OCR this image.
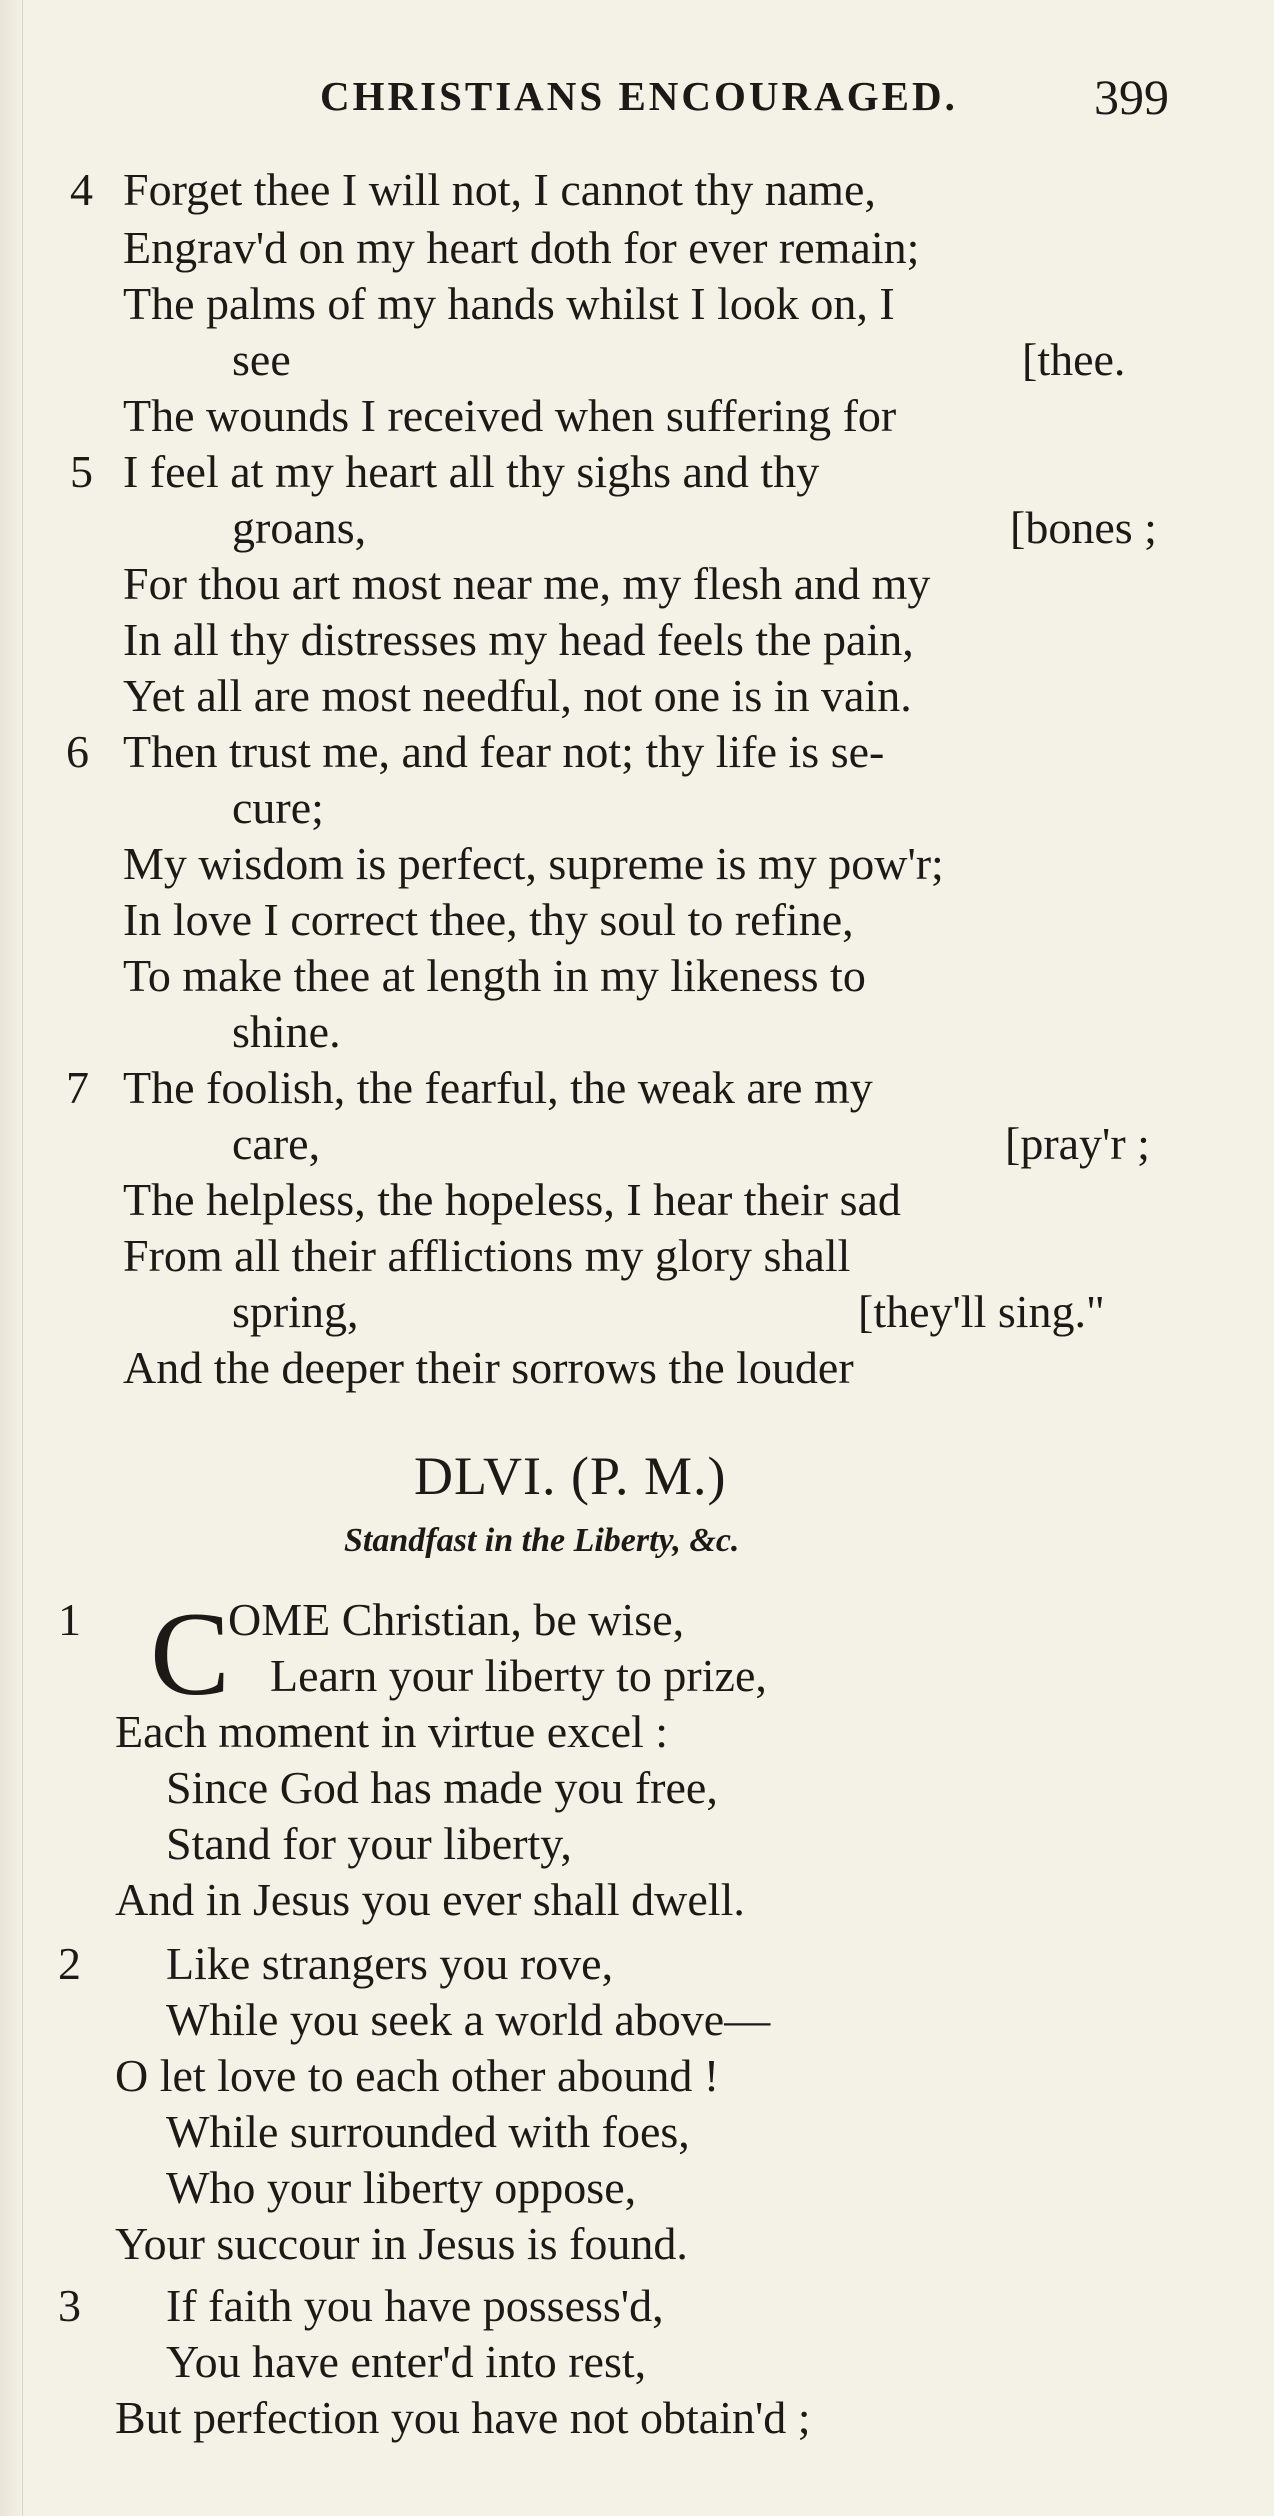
CHRISTIANS ENCOURAGED.	399
4 Forget thee I will not, I cannot thy name,
Engrav'd on my heart doth for ever remain;
The palms of my hands whilst I look on, I
see	[thee.
The wounds I received when suffering for
5 I feel at my heart all thy sighs and thy
groans,	[bones ;
For thou art most near me, my flesh and my
In all thy distresses my head feels the pain,
Yet all are most needful, not one is in vain.
6 Then trust me, and fear not; thy life is se-
cure;
My wisdom is perfect, supreme is my pow'r;
In love I correct thee, thy soul to refine,
To make thee at length in my likeness to
shine.
7 The foolish, the fearful, the weak are my
care,	[pray'r ;
The helpless, the hopeless, I hear their sad
From all their afflictions my glory shall
spring,	[they'll sing."
And the deeper their sorrows the louder
DLVI. (P. M.)
Standfast in the Liberty, &c.
1 C
OME Christian, be wise,
Learn your liberty to prize,
Each moment in virtue excel :
Since God has made you free,
Stand for your liberty,
And in Jesus you ever shall dwell.
2 Like strangers you rove,
While you seek a world above—
O let love to each other abound !
While surrounded with foes,
Who your liberty oppose,
Your succour in Jesus is found.
3 If faith you have possess'd,
You have enter'd into rest,
But perfection you have not obtain'd ;
